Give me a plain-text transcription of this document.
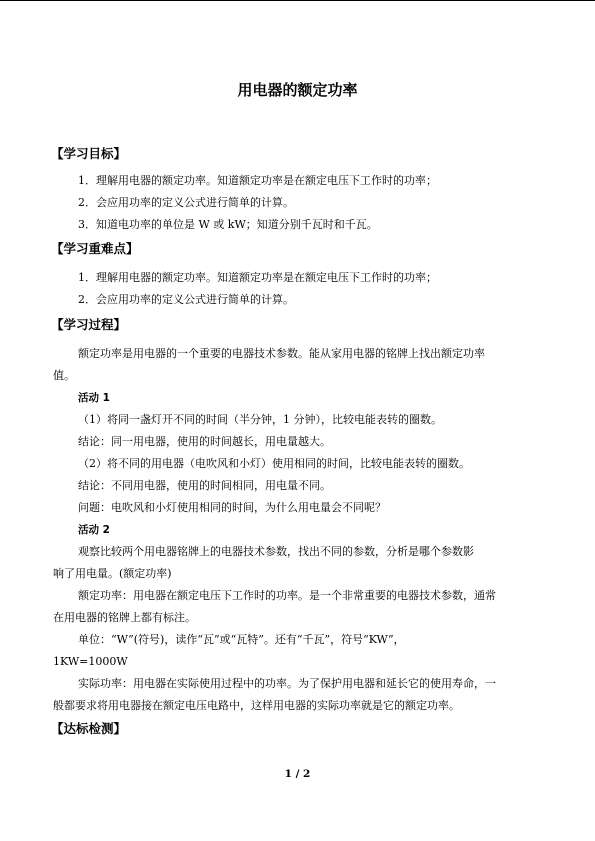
用电器的额定功率
【学习目标】
1．理解用电器的额定功率。知道额定功率是在额定电压下工作时的功率；
2．会应用功率的定义公式进行简单的计算。
3．知道电功率的单位是 W 或 kW；知道分别千瓦时和千瓦。
【学习重难点】
1．理解用电器的额定功率。知道额定功率是在额定电压下工作时的功率；
2．会应用功率的定义公式进行简单的计算。
【学习过程】
额定功率是用电器的一个重要的电器技术参数。能从家用电器的铭牌上找出额定功率
值。
活动 1
（1）将同一盏灯开不同的时间（半分钟，1 分钟），比较电能表转的圈数。
结论：同一用电器，使用的时间越长，用电量越大。
（2）将不同的用电器（电吹风和小灯）使用相同的时间，比较电能表转的圈数。
结论：不同用电器，使用的时间相同，用电量不同。
问题：电吹风和小灯使用相同的时间，为什么用电量会不同呢？
活动 2
观察比较两个用电器铭牌上的电器技术参数，找出不同的参数，分析是哪个参数影
响了用电量。(额定功率)
额定功率：用电器在额定电压下工作时的功率。是一个非常重要的电器技术参数，通常
在用电器的铭牌上都有标注。
单位：“W”(符号)，读作“瓦”或“瓦特”。还有“千瓦”，符号“KW”，
1KW=1000W
实际功率：用电器在实际使用过程中的功率。为了保护用电器和延长它的使用寿命，一
般都要求将用电器接在额定电压电路中，这样用电器的实际功率就是它的额定功率。
【达标检测】
1 / 2
